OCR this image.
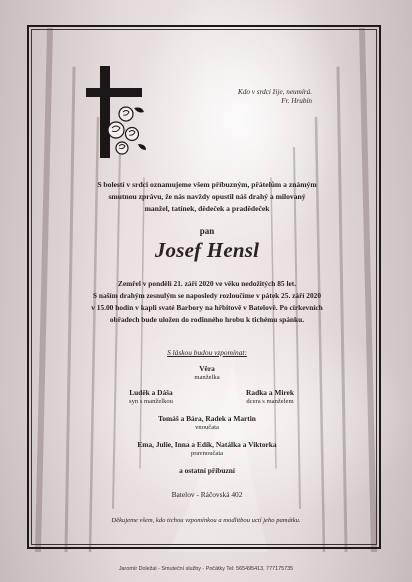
Kdo v srdci žije, neumírá.
Fr. Hrubín
S bolestí v srdci oznamujeme všem příbuzným, přátelům a známým
smutnou zprávu, že nás navždy opustil náš drahý a milovaný
manžel, tatínek, dědeček a pradědeček
pan
Josef Hensl
Zemřel v pondělí 21. září 2020 ve věku nedožitých 85 let.
S naším drahým zesnulým se naposledy rozloučíme v pátek 25. září 2020
v 15.00 hodin v kapli svaté Barbory na hřbitově v Batelově. Po církevních
obřadech bude uložen do rodinného hrobu k tichému spánku.
S láskou budou vzpomínat:
Věra
manželka
Luděk a Dáša
syn s manželkou
Radka a Mirek
dcera s manželem
Tomáš a Bára, Radek a Martin
vnoučata
Ema, Julie, Inna a Edík, Natálka a Viktorka
pravnoučata
a ostatní příbuzní
Batelov - Ráčovská 402
Děkujeme všem, kdo tichou vzpomínkou a modlitbou uctí jeho památku.
Jaromír Doležal - Smuteční služby - Počátky Tel: 565495413, 777175735
